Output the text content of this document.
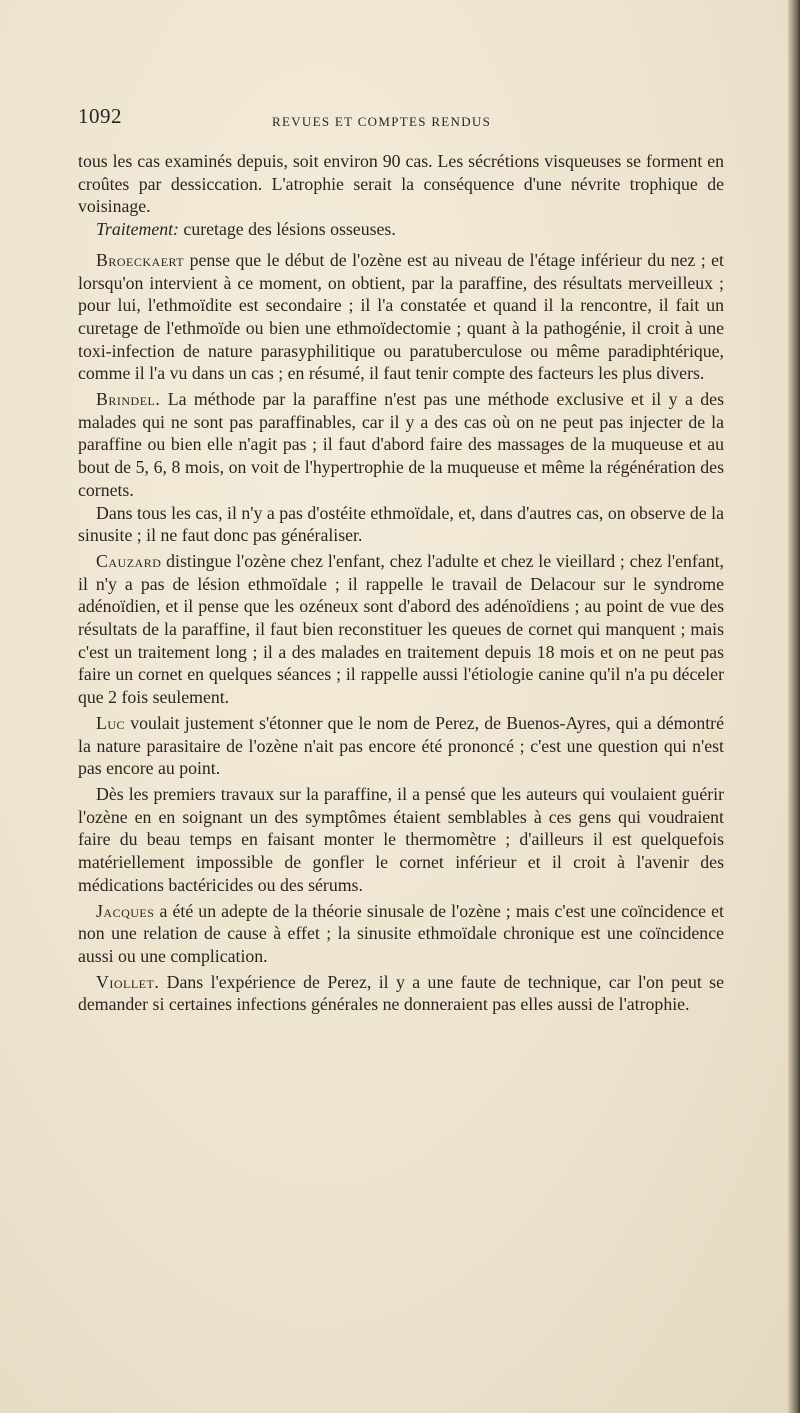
1092	REVUES ET COMPTES RENDUS

tous les cas examinés depuis, soit environ 90 cas. Les sécrétions visqueuses se forment en croûtes par dessiccation. L'atrophie serait la conséquence d'une névrite trophique de voisinage.

Traitement: curetage des lésions osseuses.

Broeckaert pense que le début de l'ozène est au niveau de l'étage inférieur du nez ; et lorsqu'on intervient à ce moment, on obtient, par la paraffine, des résultats merveilleux ; pour lui, l'ethmoïdite est secondaire ; il l'a constatée et quand il la rencontre, il fait un curetage de l'ethmoïde ou bien une ethmoïdectomie ; quant à la pathogénie, il croit à une toxi-infection de nature parasyphilitique ou paratuberculose ou même paradiphtérique, comme il l'a vu dans un cas ; en résumé, il faut tenir compte des facteurs les plus divers.

Brindel. La méthode par la paraffine n'est pas une méthode exclusive et il y a des malades qui ne sont pas paraffinables, car il y a des cas où on ne peut pas injecter de la paraffine ou bien elle n'agit pas ; il faut d'abord faire des massages de la muqueuse et au bout de 5, 6, 8 mois, on voit de l'hypertrophie de la muqueuse et même la régénération des cornets.

Dans tous les cas, il n'y a pas d'ostéite ethmoïdale, et, dans d'autres cas, on observe de la sinusite ; il ne faut donc pas généraliser.

Cauzard distingue l'ozène chez l'enfant, chez l'adulte et chez le vieillard ; chez l'enfant, il n'y a pas de lésion ethmoïdale ; il rappelle le travail de Delacour sur le syndrome adénoïdien, et il pense que les ozéneux sont d'abord des adénoïdiens ; au point de vue des résultats de la paraffine, il faut bien reconstituer les queues de cornet qui manquent ; mais c'est un traitement long ; il a des malades en traitement depuis 18 mois et on ne peut pas faire un cornet en quelques séances ; il rappelle aussi l'étiologie canine qu'il n'a pu déceler que 2 fois seulement.

Luc voulait justement s'étonner que le nom de Perez, de Buenos-Ayres, qui a démontré la nature parasitaire de l'ozène n'ait pas encore été prononcé ; c'est une question qui n'est pas encore au point.

Dès les premiers travaux sur la paraffine, il a pensé que les auteurs qui voulaient guérir l'ozène en en soignant un des symptômes étaient semblables à ces gens qui voudraient faire du beau temps en faisant monter le thermomètre ; d'ailleurs il est quelquefois matériellement impossible de gonfler le cornet inférieur et il croit à l'avenir des médications bactéricides ou des sérums.

Jacques a été un adepte de la théorie sinusale de l'ozène ; mais c'est une coïncidence et non une relation de cause à effet ; la sinusite ethmoïdale chronique est une coïncidence aussi ou une complication.

Viollet. Dans l'expérience de Perez, il y a une faute de technique, car l'on peut se demander si certaines infections générales ne donneraient pas elles aussi de l'atrophie.
